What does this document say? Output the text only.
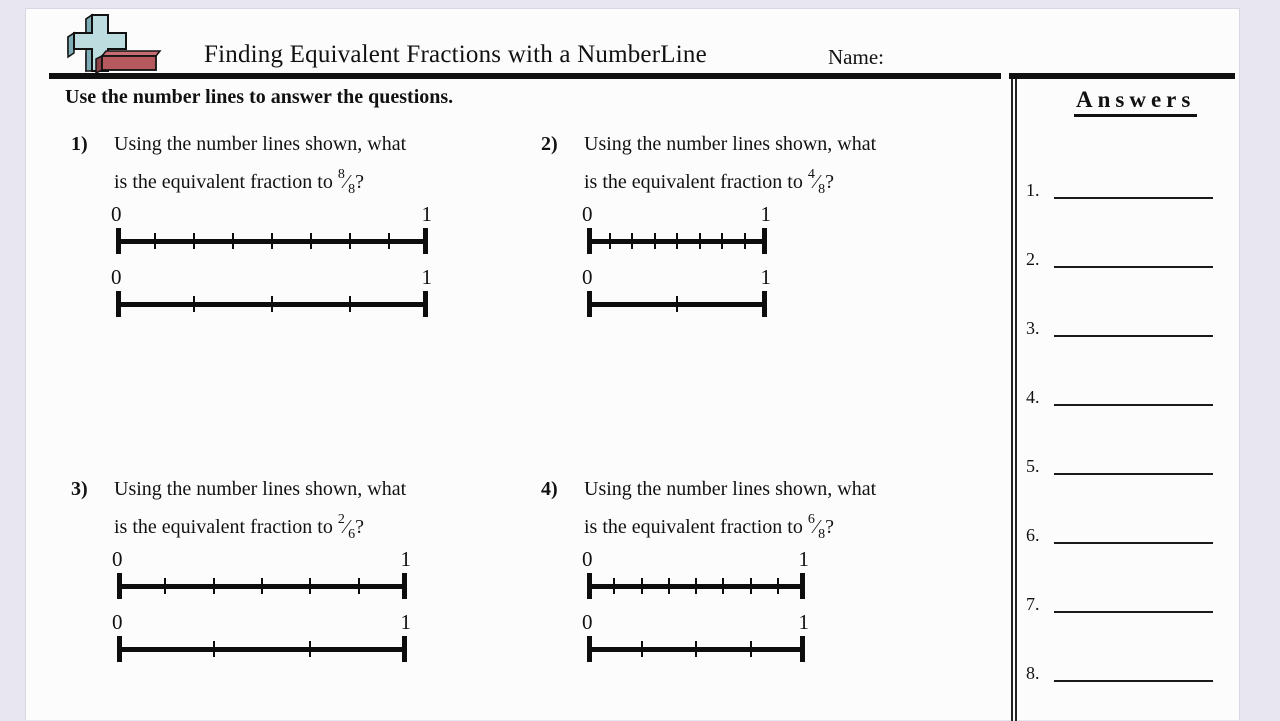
Finding Equivalent Fractions with a NumberLine	Name:
Use the number lines to answer the questions.
1)	Using the number lines shown, what
is the equivalent fraction to $^8⁄_8$?
0	1
0	1
2)	Using the number lines shown, what
is the equivalent fraction to $^4⁄_8$?
0	1
0	1
3)	Using the number lines shown, what
is the equivalent fraction to $^2⁄_6$?
0	1
0	1
4)	Using the number lines shown, what
is the equivalent fraction to $^6⁄_8$?
0	1
0	1
Answers
1.
2.
3.
4.
5.
6.
7.
8.
